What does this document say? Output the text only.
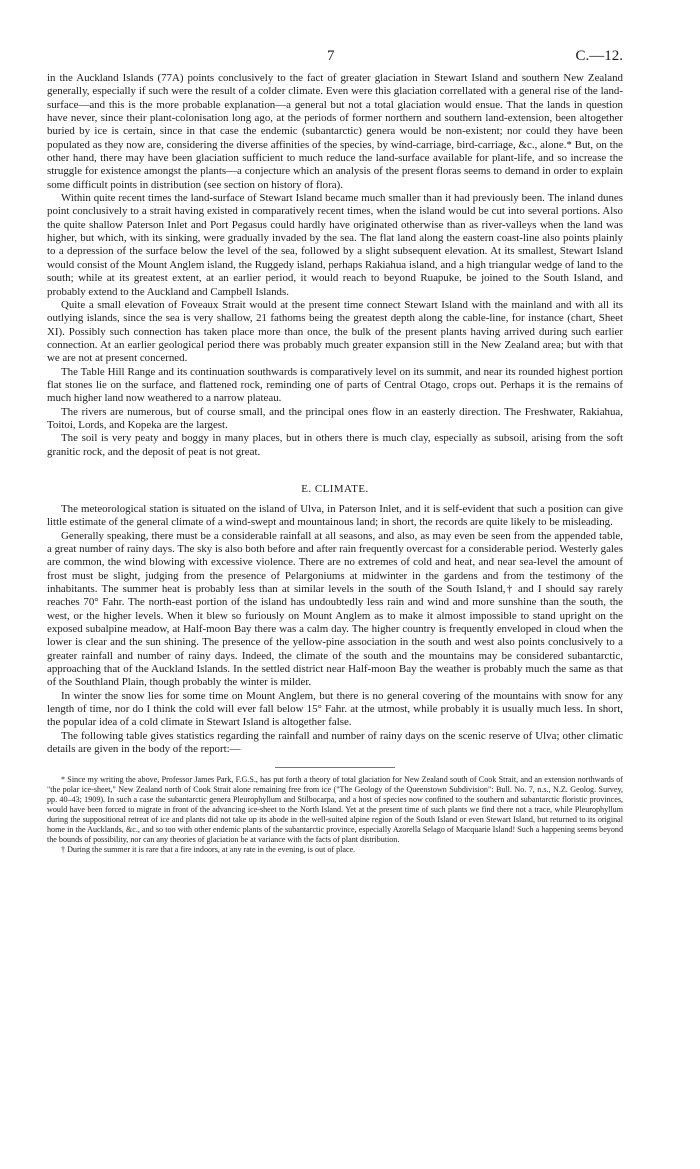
7	C.—12.

in the Auckland Islands (77A) points conclusively to the fact of greater glaciation in Stewart Island and southern New Zealand generally, especially if such were the result of a colder climate. Even were this glaciation correllated with a general rise of the land-surface—and this is the more probable explanation—a general but not a total glaciation would ensue. That the lands in question have never, since their plant-colonisation long ago, at the periods of former northern and southern land-extension, been altogether buried by ice is certain, since in that case the endemic (subantarctic) genera would be non-existent; nor could they have been populated as they now are, considering the diverse affinities of the species, by wind-carriage, bird-carriage, &c., alone.* But, on the other hand, there may have been glaciation sufficient to much reduce the land-surface available for plant-life, and so increase the struggle for existence amongst the plants—a conjecture which an analysis of the present floras seems to demand in order to explain some difficult points in distribution (see section on history of flora).

Within quite recent times the land-surface of Stewart Island became much smaller than it had previously been. The inland dunes point conclusively to a strait having existed in comparatively recent times, when the island would be cut into several portions. Also the quite shallow Paterson Inlet and Port Pegasus could hardly have originated otherwise than as river-valleys when the land was higher, but which, with its sinking, were gradually invaded by the sea. The flat land along the eastern coast-line also points plainly to a depression of the surface below the level of the sea, followed by a slight subsequent elevation. At its smallest, Stewart Island would consist of the Mount Anglem island, the Ruggedy island, perhaps Rakiahua island, and a high triangular wedge of land to the south; while at its greatest extent, at an earlier period, it would reach to beyond Ruapuke, be joined to the South Island, and probably extend to the Auckland and Campbell Islands.

Quite a small elevation of Foveaux Strait would at the present time connect Stewart Island with the mainland and with all its outlying islands, since the sea is very shallow, 21 fathoms being the greatest depth along the cable-line, for instance (chart, Sheet XI). Possibly such connection has taken place more than once, the bulk of the present plants having arrived during such earlier connection. At an earlier geological period there was probably much greater expansion still in the New Zealand area; but with that we are not at present concerned.

The Table Hill Range and its continuation southwards is comparatively level on its summit, and near its rounded highest portion flat stones lie on the surface, and flattened rock, reminding one of parts of Central Otago, crops out. Perhaps it is the remains of much higher land now weathered to a narrow plateau.

The rivers are numerous, but of course small, and the principal ones flow in an easterly direction. The Freshwater, Rakiahua, Toitoi, Lords, and Kopeka are the largest.

The soil is very peaty and boggy in many places, but in others there is much clay, especially as subsoil, arising from the soft granitic rock, and the deposit of peat is not great.

E. CLIMATE.

The meteorological station is situated on the island of Ulva, in Paterson Inlet, and it is self-evident that such a position can give little estimate of the general climate of a wind-swept and mountainous land; in short, the records are quite likely to be misleading.

Generally speaking, there must be a considerable rainfall at all seasons, and also, as may even be seen from the appended table, a great number of rainy days. The sky is also both before and after rain frequently overcast for a considerable period. Westerly gales are common, the wind blowing with excessive violence. There are no extremes of cold and heat, and near sea-level the amount of frost must be slight, judging from the presence of Pelargoniums at midwinter in the gardens and from the testimony of the inhabitants. The summer heat is probably less than at similar levels in the south of the South Island,† and I should say rarely reaches 70° Fahr. The north-east portion of the island has undoubtedly less rain and wind and more sunshine than the south, the west, or the higher levels. When it blew so furiously on Mount Anglem as to make it almost impossible to stand upright on the exposed subalpine meadow, at Half-moon Bay there was a calm day. The higher country is frequently enveloped in cloud when the lower is clear and the sun shining. The presence of the yellow-pine association in the south and west also points conclusively to a greater rainfall and number of rainy days. Indeed, the climate of the south and the mountains may be considered subantarctic, approaching that of the Auckland Islands. In the settled district near Half-moon Bay the weather is probably much the same as that of the Southland Plain, though probably the winter is milder.

In winter the snow lies for some time on Mount Anglem, but there is no general covering of the mountains with snow for any length of time, nor do I think the cold will ever fall below 15° Fahr. at the utmost, while probably it is usually much less. In short, the popular idea of a cold climate in Stewart Island is altogether false.

The following table gives statistics regarding the rainfall and number of rainy days on the scenic reserve of Ulva; other climatic details are given in the body of the report:—

* Since my writing the above, Professor James Park, F.G.S., has put forth a theory of total glaciation for New Zealand south of Cook Strait, and an extension northwards of "the polar ice-sheet," New Zealand north of Cook Strait alone remaining free from ice ("The Geology of the Queenstown Subdivision": Bull. No. 7, n.s., N.Z. Geolog. Survey, pp. 40–43; 1909). In such a case the subantarctic genera Pleurophyllum and Stilbocarpa, and a host of species now confined to the southern and subantarctic floristic provinces, would have been forced to migrate in front of the advancing ice-sheet to the North Island. Yet at the present time of such plants we find there not a trace, while Pleurophyllum during the suppositional retreat of ice and plants did not take up its abode in the well-suited alpine region of the South Island or even Stewart Island, but returned to its original home in the Aucklands, &c., and so too with other endemic plants of the subantarctic province, especially Azorella Selago of Macquarie Island! Such a happening seems beyond the bounds of possibility, nor can any theories of glaciation be at variance with the facts of plant distribution.

† During the summer it is rare that a fire indoors, at any rate in the evening, is out of place.
